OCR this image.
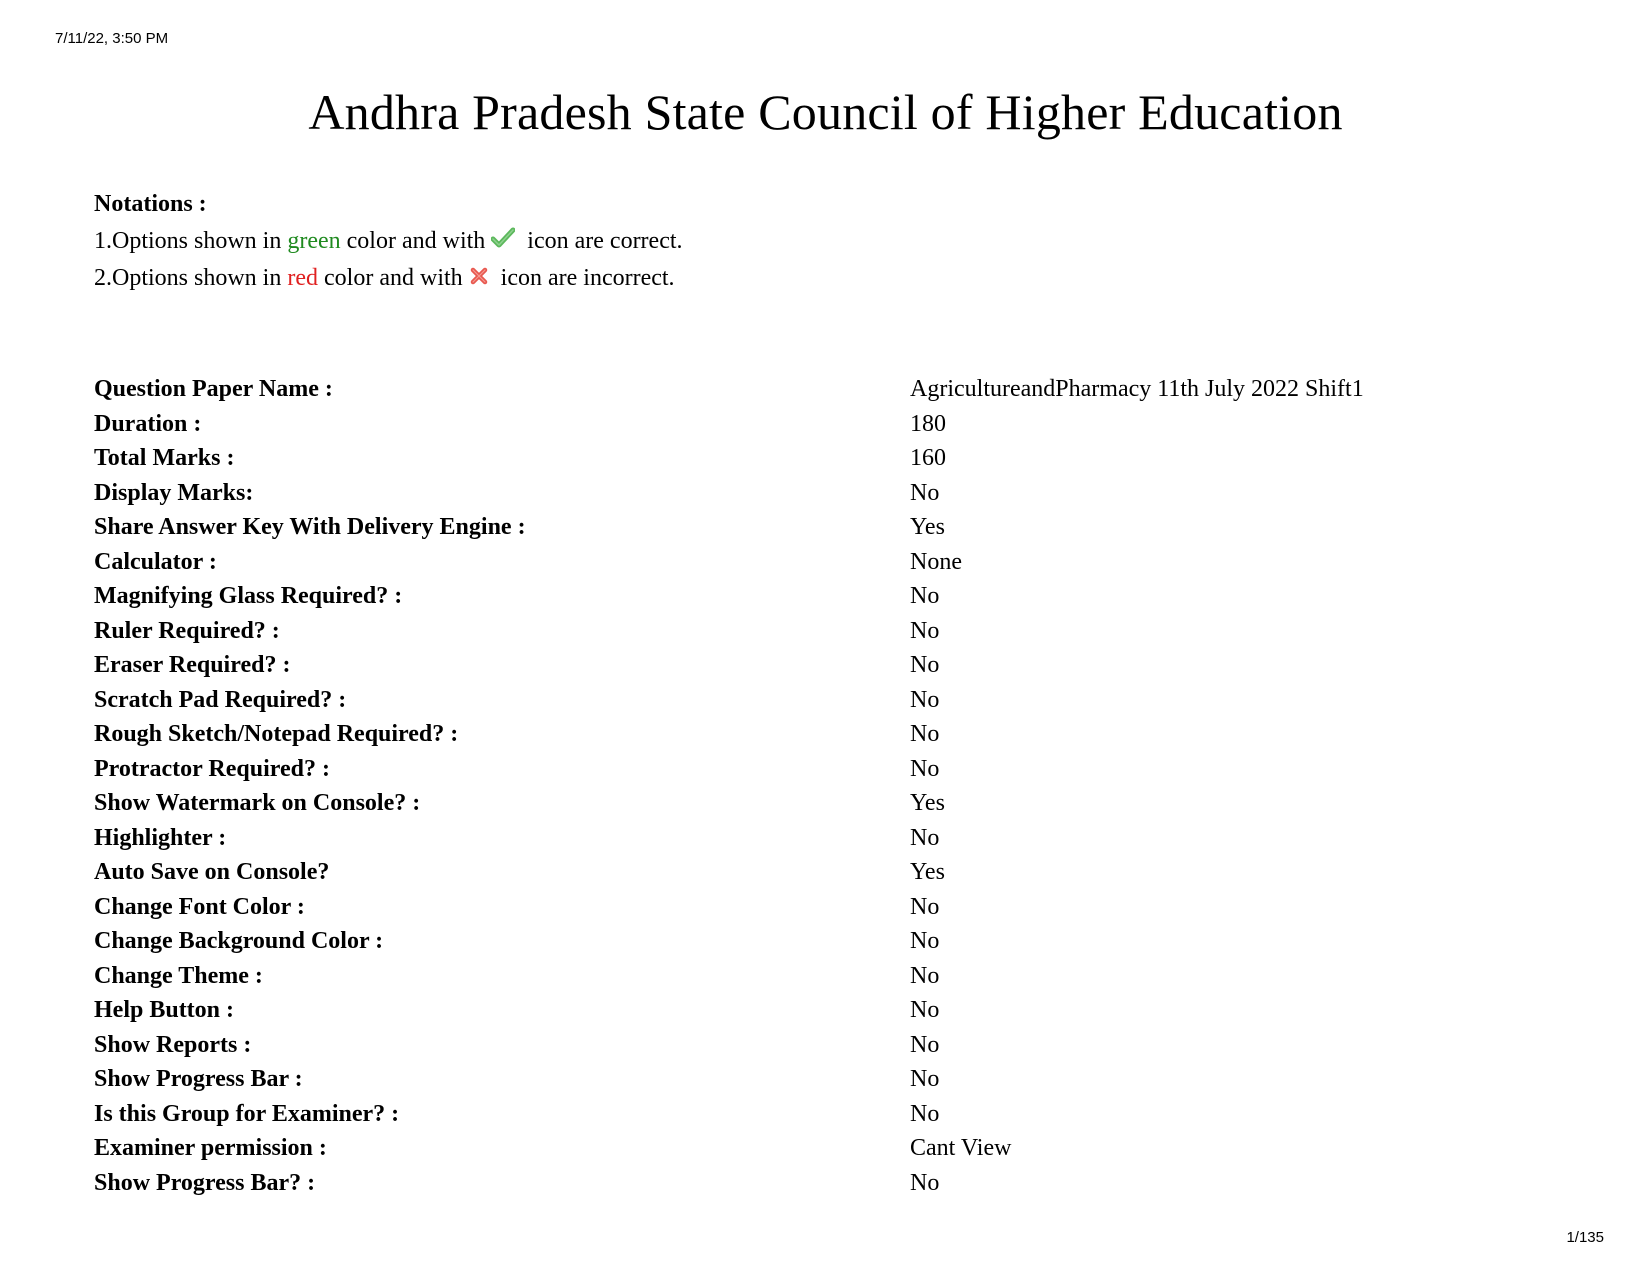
7/11/22, 3:50 PM
Andhra Pradesh State Council of Higher Education
Notations :
1.Options shown in green color and with icon are correct.
2.Options shown in red color and with icon are incorrect.
Question Paper Name :	AgricultureandPharmacy 11th July 2022 Shift1
Duration :	180
Total Marks :	160
Display Marks:	No
Share Answer Key With Delivery Engine :	Yes
Calculator :	None
Magnifying Glass Required? :	No
Ruler Required? :	No
Eraser Required? :	No
Scratch Pad Required? :	No
Rough Sketch/Notepad Required? :	No
Protractor Required? :	No
Show Watermark on Console? :	Yes
Highlighter :	No
Auto Save on Console?	Yes
Change Font Color :	No
Change Background Color :	No
Change Theme :	No
Help Button :	No
Show Reports :	No
Show Progress Bar :	No
Is this Group for Examiner? :	No
Examiner permission :	Cant View
Show Progress Bar? :	No
1/135
